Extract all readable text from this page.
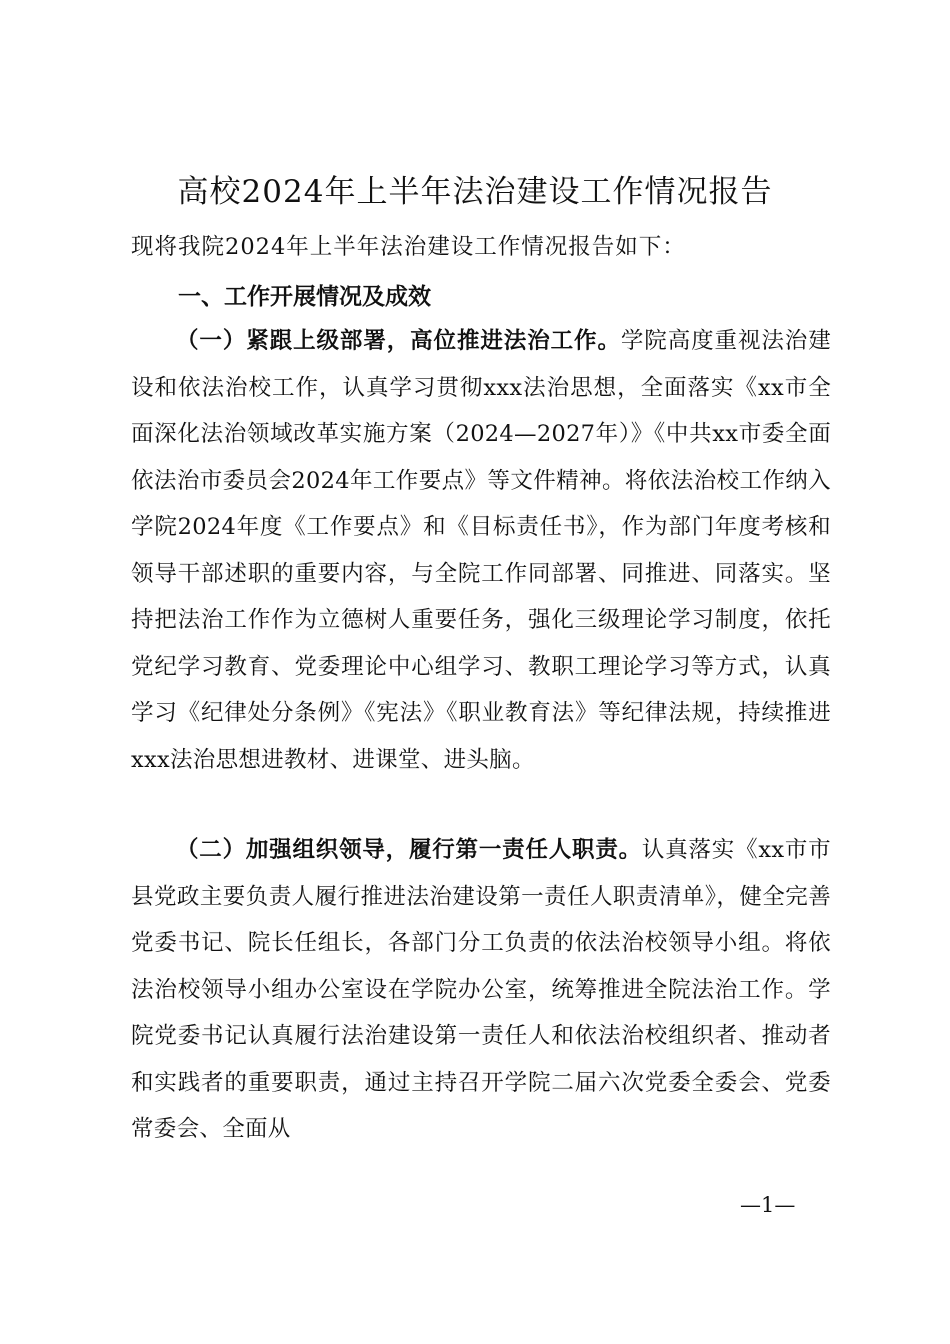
高校2024年上半年法治建设工作情况报告
现将我院2024年上半年法治建设工作情况报告如下：
一、工作开展情况及成效

（一）紧跟上级部署，高位推进法治工作。学院高度重视法治建设和依法治校工作，认真学习贯彻xxx法治思想，全面落实《xx市全面深化法治领域改革实施方案（2024—2027年）》《中共xx市委全面依法治市委员会2024年工作要点》等文件精神。将依法治校工作纳入学院2024年度《工作要点》和《目标责任书》，作为部门年度考核和领导干部述职的重要内容，与全院工作同部署、同推进、同落实。坚持把法治工作作为立德树人重要任务，强化三级理论学习制度，依托党纪学习教育、党委理论中心组学习、教职工理论学习等方式，认真学习《纪律处分条例》《宪法》《职业教育法》等纪律法规，持续推进xxx法治思想进教材、进课堂、进头脑。

（二）加强组织领导，履行第一责任人职责。认真落实《xx市市县党政主要负责人履行推进法治建设第一责任人职责清单》，健全完善党委书记、院长任组长，各部门分工负责的依法治校领导小组。将依法治校领导小组办公室设在学院办公室，统筹推进全院法治工作。学院党委书记认真履行法治建设第一责任人和依法治校组织者、推动者和实践者的重要职责，通过主持召开学院二届六次党委全委会、党委常委会、全面从

—1—
